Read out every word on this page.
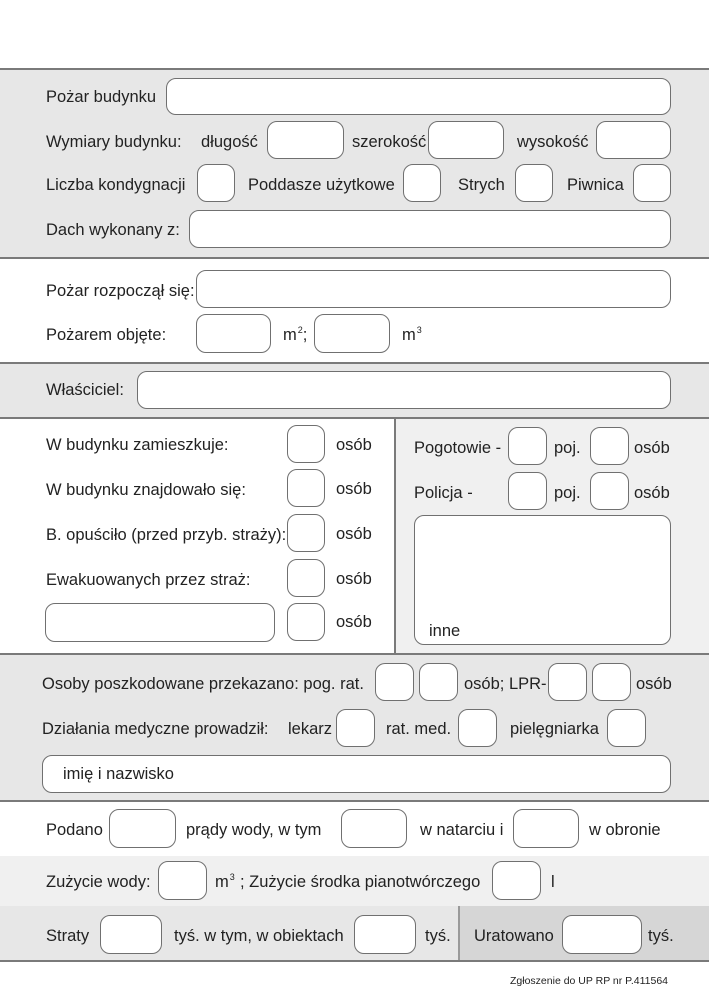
Pożar budynku
Wymiary budynku: długość	szerokość	wysokość
Liczba kondygnacji	Poddasze użytkowe	Strych	Piwnica
Dach wykonany z:
Pożar rozpoczął się:
Pożarem objęte:	$m^2$;	$m^3$
Właściciel:
W budynku zamieszkuje:	osób
W budynku znajdowało się:	osób
B. opuściło (przed przyb. straży):	osób
Ewakuowanych przez straż:	osób
osób
Pogotowie -	poj.	osób
Policja -	poj.	osób
inne
Osoby poszkodowane przekazano: pog. rat.	osób; LPR-	osób
Działania medyczne prowadził: lekarz	rat. med.	pielęgniarka
imię i nazwisko
Podano	prądy wody, w tym	w natarciu i	w obronie
Zużycie wody:	$m^3$ ; Zużycie środka pianotwórczego	l
Straty	tyś. w tym, w obiektach	tyś. Uratowano	tyś.
Zgłoszenie do UP RP nr P.411564
